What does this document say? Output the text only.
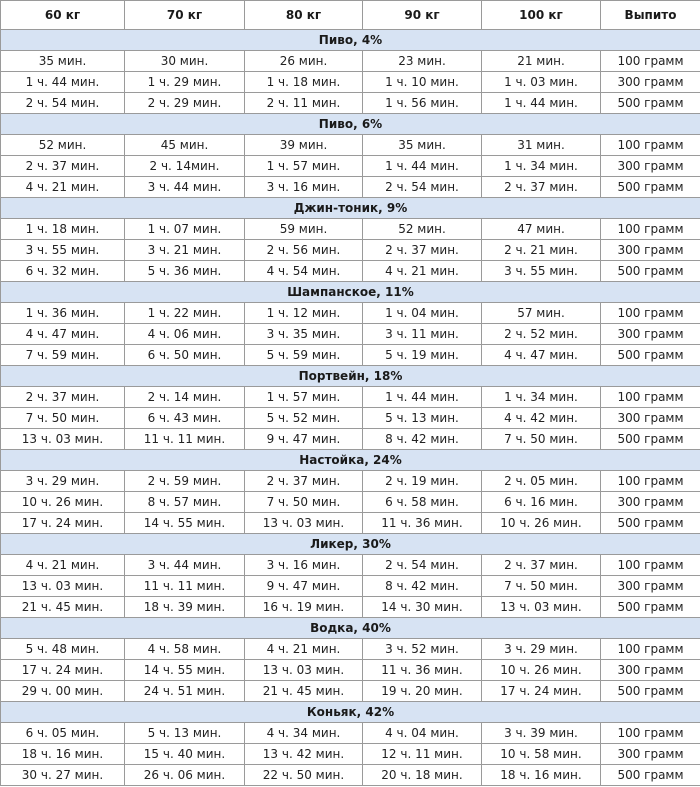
60 кг	70 кг	80 кг	90 кг	100 кг	Выпито
Пиво, 4%					
35 мин.	30 мин.	26 мин.	23 мин.	21 мин.	100 грамм
1 ч. 44 мин.	1 ч. 29 мин.	1 ч. 18 мин.	1 ч. 10 мин.	1 ч. 03 мин.	300 грамм
2 ч. 54 мин.	2 ч. 29 мин.	2 ч. 11 мин.	1 ч. 56 мин.	1 ч. 44 мин.	500 грамм
Пиво, 6%					
52 мин.	45 мин.	39 мин.	35 мин.	31 мин.	100 грамм
2 ч. 37 мин.	2 ч. 14мин.	1 ч. 57 мин.	1 ч. 44 мин.	1 ч. 34 мин.	300 грамм
4 ч. 21 мин.	3 ч. 44 мин.	3 ч. 16 мин.	2 ч. 54 мин.	2 ч. 37 мин.	500 грамм
Джин-тоник, 9%					
1 ч. 18 мин.	1 ч. 07 мин.	59 мин.	52 мин.	47 мин.	100 грамм
3 ч. 55 мин.	3 ч. 21 мин.	2 ч. 56 мин.	2 ч. 37 мин.	2 ч. 21 мин.	300 грамм
6 ч. 32 мин.	5 ч. 36 мин.	4 ч. 54 мин.	4 ч. 21 мин.	3 ч. 55 мин.	500 грамм
Шампанское, 11%					
1 ч. 36 мин.	1 ч. 22 мин.	1 ч. 12 мин.	1 ч. 04 мин.	57 мин.	100 грамм
4 ч. 47 мин.	4 ч. 06 мин.	3 ч. 35 мин.	3 ч. 11 мин.	2 ч. 52 мин.	300 грамм
7 ч. 59 мин.	6 ч. 50 мин.	5 ч. 59 мин.	5 ч. 19 мин.	4 ч. 47 мин.	500 грамм
Портвейн, 18%					
2 ч. 37 мин.	2 ч. 14 мин.	1 ч. 57 мин.	1 ч. 44 мин.	1 ч. 34 мин.	100 грамм
7 ч. 50 мин.	6 ч. 43 мин.	5 ч. 52 мин.	5 ч. 13 мин.	4 ч. 42 мин.	300 грамм
13 ч. 03 мин.	11 ч. 11 мин.	9 ч. 47 мин.	8 ч. 42 мин.	7 ч. 50 мин.	500 грамм
Настойка, 24%					
3 ч. 29 мин.	2 ч. 59 мин.	2 ч. 37 мин.	2 ч. 19 мин.	2 ч. 05 мин.	100 грамм
10 ч. 26 мин.	8 ч. 57 мин.	7 ч. 50 мин.	6 ч. 58 мин.	6 ч. 16 мин.	300 грамм
17 ч. 24 мин.	14 ч. 55 мин.	13 ч. 03 мин.	11 ч. 36 мин.	10 ч. 26 мин.	500 грамм
Ликер, 30%					
4 ч. 21 мин.	3 ч. 44 мин.	3 ч. 16 мин.	2 ч. 54 мин.	2 ч. 37 мин.	100 грамм
13 ч. 03 мин.	11 ч. 11 мин.	9 ч. 47 мин.	8 ч. 42 мин.	7 ч. 50 мин.	300 грамм
21 ч. 45 мин.	18 ч. 39 мин.	16 ч. 19 мин.	14 ч. 30 мин.	13 ч. 03 мин.	500 грамм
Водка, 40%					
5 ч. 48 мин.	4 ч. 58 мин.	4 ч. 21 мин.	3 ч. 52 мин.	3 ч. 29 мин.	100 грамм
17 ч. 24 мин.	14 ч. 55 мин.	13 ч. 03 мин.	11 ч. 36 мин.	10 ч. 26 мин.	300 грамм
29 ч. 00 мин.	24 ч. 51 мин.	21 ч. 45 мин.	19 ч. 20 мин.	17 ч. 24 мин.	500 грамм
Коньяк, 42%					
6 ч. 05 мин.	5 ч. 13 мин.	4 ч. 34 мин.	4 ч. 04 мин.	3 ч. 39 мин.	100 грамм
18 ч. 16 мин.	15 ч. 40 мин.	13 ч. 42 мин.	12 ч. 11 мин.	10 ч. 58 мин.	300 грамм
30 ч. 27 мин.	26 ч. 06 мин.	22 ч. 50 мин.	20 ч. 18 мин.	18 ч. 16 мин.	500 грамм
